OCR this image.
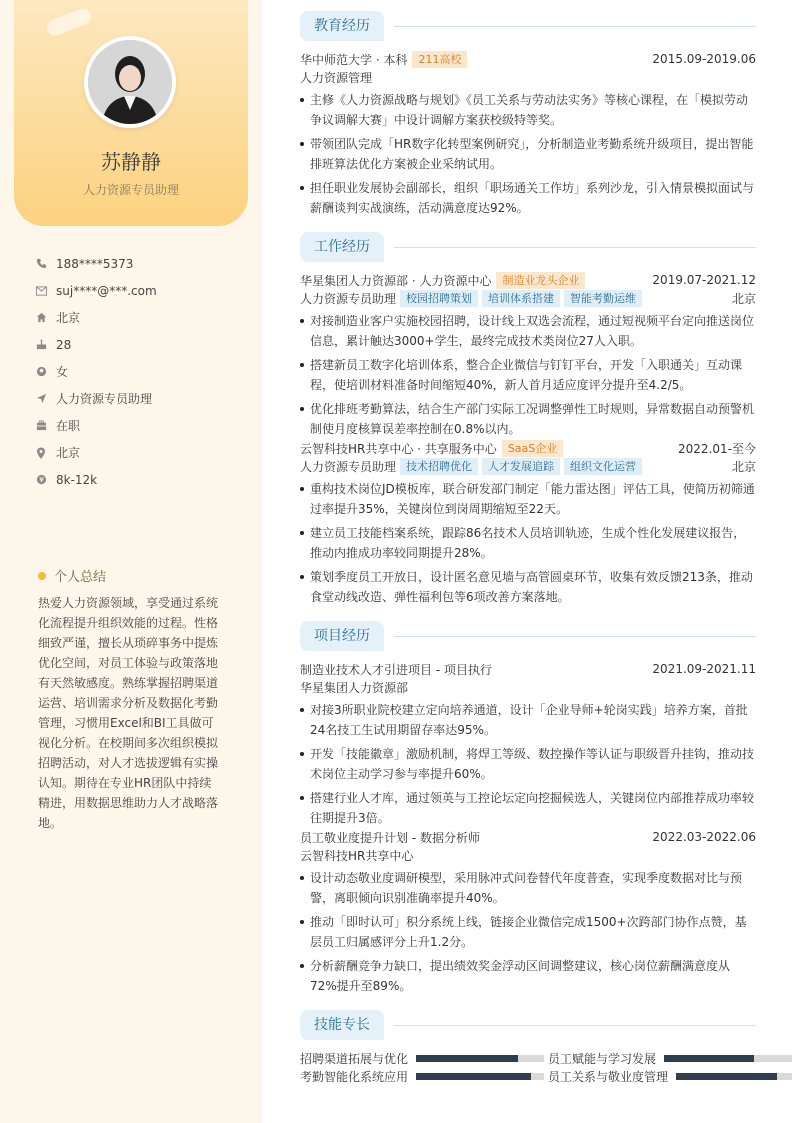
苏静静
人力资源专员助理
188****5373
suj****@***.com
北京
28
女
人力资源专员助理
在职
北京
8k-12k
个人总结
热爱人力资源领域，享受通过系统化流程提升组织效能的过程。性格细致严谨，擅长从琐碎事务中提炼优化空间，对员工体验与政策落地有天然敏感度。熟练掌握招聘渠道运营、培训需求分析及数据化考勤管理，习惯用Excel和BI工具做可视化分析。在校期间多次组织模拟招聘活动，对人才选拔逻辑有实操认知。期待在专业HR团队中持续精进，用数据思维助力人才战略落地。
教育经历
华中师范大学 · 本科	211高校	2015.09-2019.06
人力资源管理
主修《人力资源战略与规划》《员工关系与劳动法实务》等核心课程，在「模拟劳动争议调解大赛」中设计调解方案获校级特等奖。
带领团队完成「HR数字化转型案例研究」，分析制造业考勤系统升级项目，提出智能排班算法优化方案被企业采纳试用。
担任职业发展协会副部长，组织「职场通关工作坊」系列沙龙，引入情景模拟面试与薪酬谈判实战演练，活动满意度达92%。
工作经历
华星集团人力资源部 · 人力资源中心	制造业龙头企业	2019.07-2021.12
人力资源专员助理 校园招聘策划	培训体系搭建	智能考勤运维	北京
对接制造业客户实施校园招聘，设计线上双选会流程，通过短视频平台定向推送岗位信息，累计触达3000+学生，最终完成技术类岗位27人入职。
搭建新员工数字化培训体系，整合企业微信与钉钉平台，开发「入职通关」互动课程，使培训材料准备时间缩短40%，新人首月适应度评分提升至4.2/5。
优化排班考勤算法，结合生产部门实际工况调整弹性工时规则，异常数据自动预警机制使月度核算误差率控制在0.8%以内。
云智科技HR共享中心 · 共享服务中心	SaaS企业	2022.01-至今
人力资源专员助理 技术招聘优化	人才发展追踪	组织文化运营	北京
重构技术岗位JD模板库，联合研发部门制定「能力雷达图」评估工具，使简历初筛通过率提升35%，关键岗位到岗周期缩短至22天。
建立员工技能档案系统，跟踪86名技术人员培训轨迹，生成个性化发展建议报告，推动内推成功率较同期提升28%。
策划季度员工开放日，设计匿名意见墙与高管圆桌环节，收集有效反馈213条，推动食堂动线改造、弹性福利包等6项改善方案落地。
项目经历
制造业技术人才引进项目 - 项目执行	2021.09-2021.11
华星集团人力资源部
对接3所职业院校建立定向培养通道，设计「企业导师+轮岗实践」培养方案，首批24名技工生试用期留存率达95%。
开发「技能徽章」激励机制，将焊工等级、数控操作等认证与职级晋升挂钩，推动技术岗位主动学习参与率提升60%。
搭建行业人才库，通过领英与工控论坛定向挖掘候选人，关键岗位内部推荐成功率较往期提升3倍。
员工敬业度提升计划 - 数据分析师	2022.03-2022.06
云智科技HR共享中心
设计动态敬业度调研模型，采用脉冲式问卷替代年度普查，实现季度数据对比与预警，离职倾向识别准确率提升40%。
推动「即时认可」积分系统上线，链接企业微信完成1500+次跨部门协作点赞，基层员工归属感评分上升1.2分。
分析薪酬竞争力缺口，提出绩效奖金浮动区间调整建议，核心岗位薪酬满意度从72%提升至89%。
技能专长
招聘渠道拓展与优化	员工赋能与学习发展
考勤智能化系统应用	员工关系与敬业度管理
